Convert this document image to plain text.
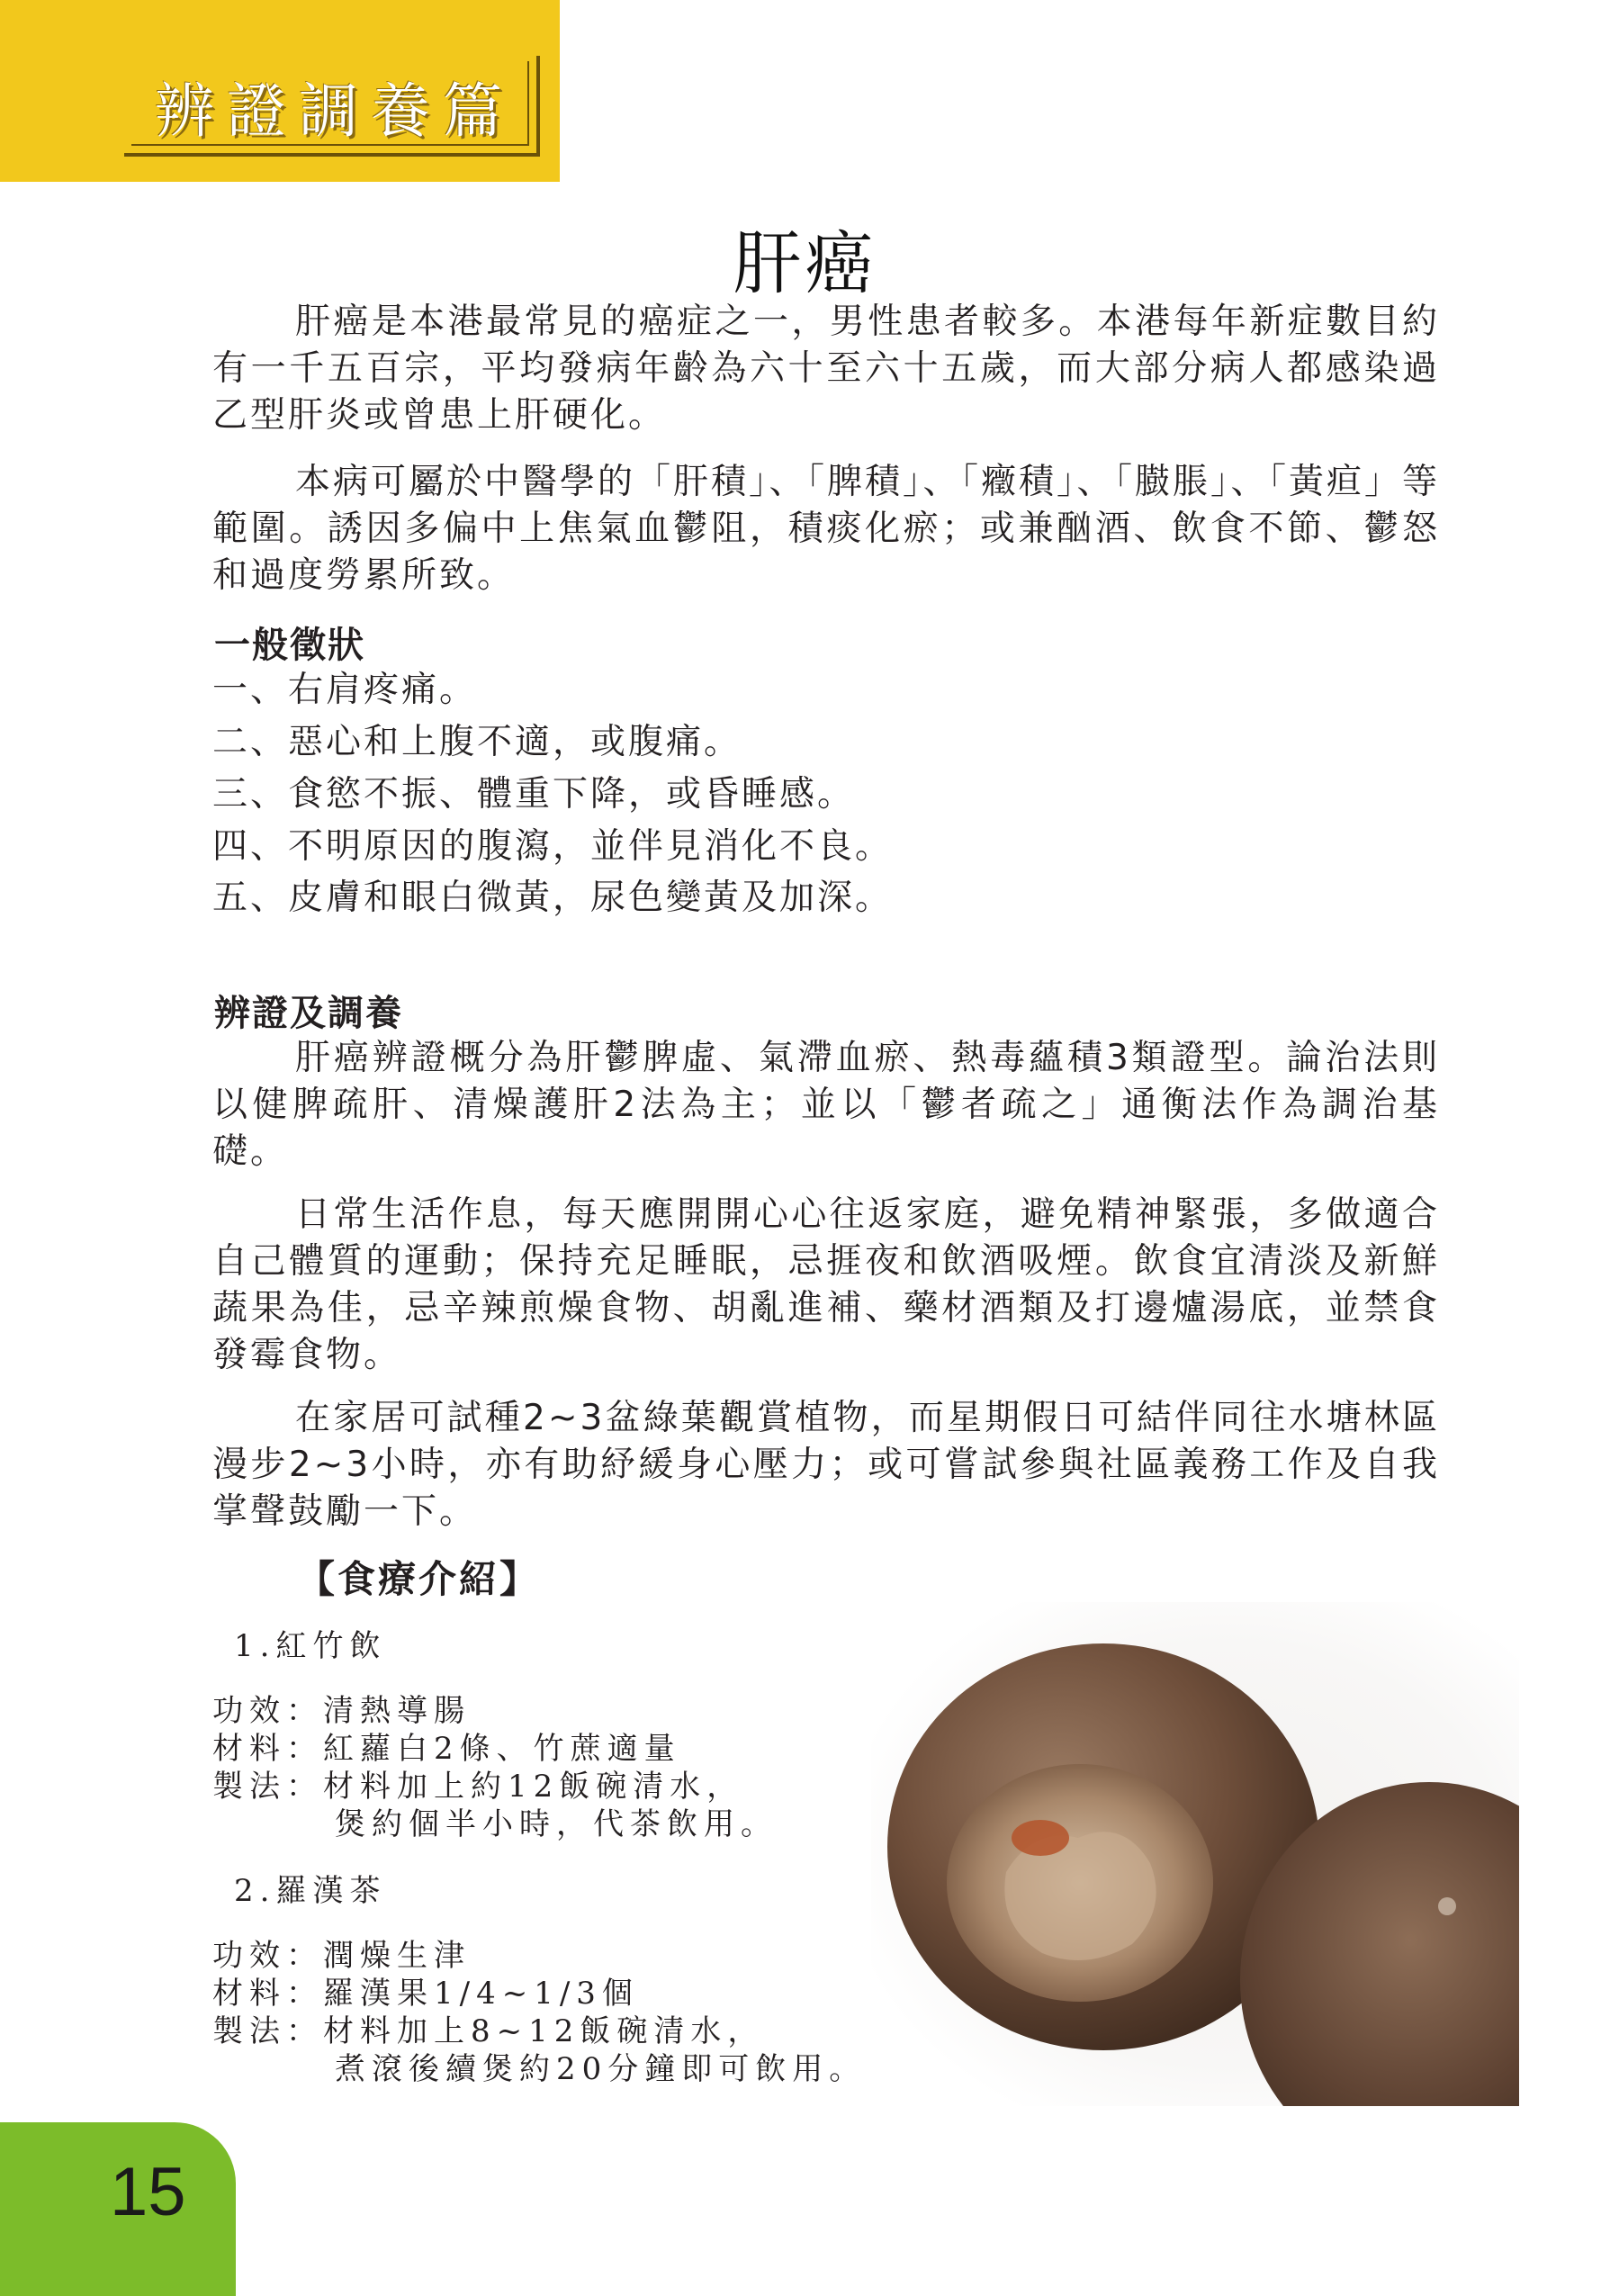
辨證調養篇
肝癌

肝癌是本港最常見的癌症之一，男性患者較多。本港每年新症數目約有一千五百宗，平均發病年齡為六十至六十五歲，而大部分病人都感染過乙型肝炎或曾患上肝硬化。

本病可屬於中醫學的「肝積」、「脾積」、「癥積」、「臌脹」、「黃疸」等範圍。誘因多偏中上焦氣血鬱阻，積痰化瘀；或兼酗酒、飲食不節、鬱怒和過度勞累所致。

一般徵狀
一、右肩疼痛。
二、惡心和上腹不適，或腹痛。
三、食慾不振、體重下降，或昏睡感。
四、不明原因的腹瀉，並伴見消化不良。
五、皮膚和眼白微黃，尿色變黃及加深。
辨證及調養

肝癌辨證概分為肝鬱脾虛、氣滯血瘀、熱毒蘊積3類證型。論治法則以健脾疏肝、清燥護肝2法為主；並以「鬱者疏之」通衡法作為調治基礎。

日常生活作息，每天應開開心心往返家庭，避免精神緊張，多做適合自己體質的運動；保持充足睡眠，忌捱夜和飲酒吸煙。飲食宜清淡及新鮮蔬果為佳，忌辛辣煎燥食物、胡亂進補、藥材酒類及打邊爐湯底，並禁食發霉食物。

在家居可試種2~3盆綠葉觀賞植物，而星期假日可結伴同往水塘林區漫步2~3小時，亦有助紓緩身心壓力；或可嘗試參與社區義務工作及自我掌聲鼓勵一下。

【食療介紹】
1.紅竹飲
功效：清熱導腸
材料：紅蘿白2條、竹蔗適量
製法：材料加上約12飯碗清水，
煲約個半小時，代茶飲用。
2.羅漢茶
功效：潤燥生津
材料：羅漢果1/4~1/3個
製法：材料加上8~12飯碗清水，
煮滾後續煲約20分鐘即可飲用。
15
